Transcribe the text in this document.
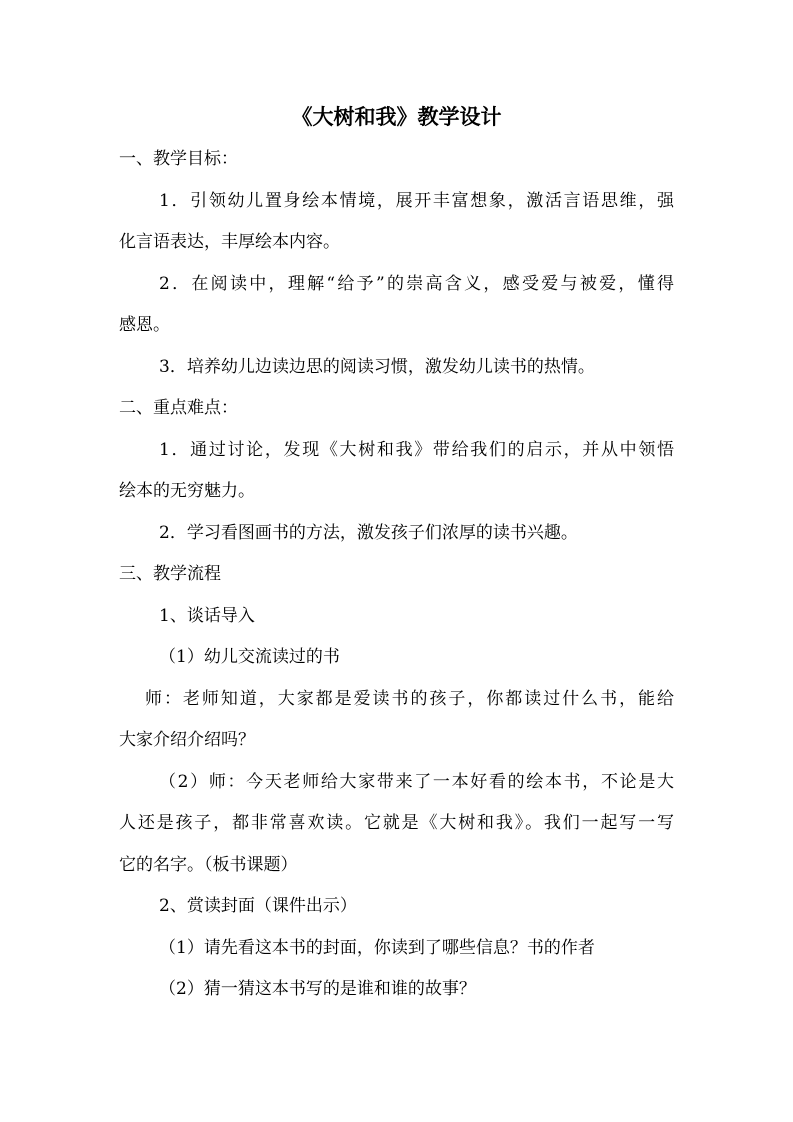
《大树和我》教学设计
一、教学目标：
1．引领幼儿置身绘本情境，展开丰富想象，激活言语思维，强
化言语表达，丰厚绘本内容。
2．在阅读中，理解“给予”的崇高含义，感受爱与被爱，懂得
感恩。
3．培养幼儿边读边思的阅读习惯，激发幼儿读书的热情。
二、重点难点：
1．通过讨论，发现《大树和我》带给我们的启示，并从中领悟
绘本的无穷魅力。
2．学习看图画书的方法，激发孩子们浓厚的读书兴趣。
三、教学流程
1、谈话导入
（1）幼儿交流读过的书
师：老师知道，大家都是爱读书的孩子，你都读过什么书，能给
大家介绍介绍吗？
（2）师：今天老师给大家带来了一本好看的绘本书，不论是大
人还是孩子，都非常喜欢读。它就是《大树和我》。我们一起写一写
它的名字。（板书课题）
2、赏读封面（课件出示）
（1）请先看这本书的封面，你读到了哪些信息？书的作者
（2）猜一猜这本书写的是谁和谁的故事？
